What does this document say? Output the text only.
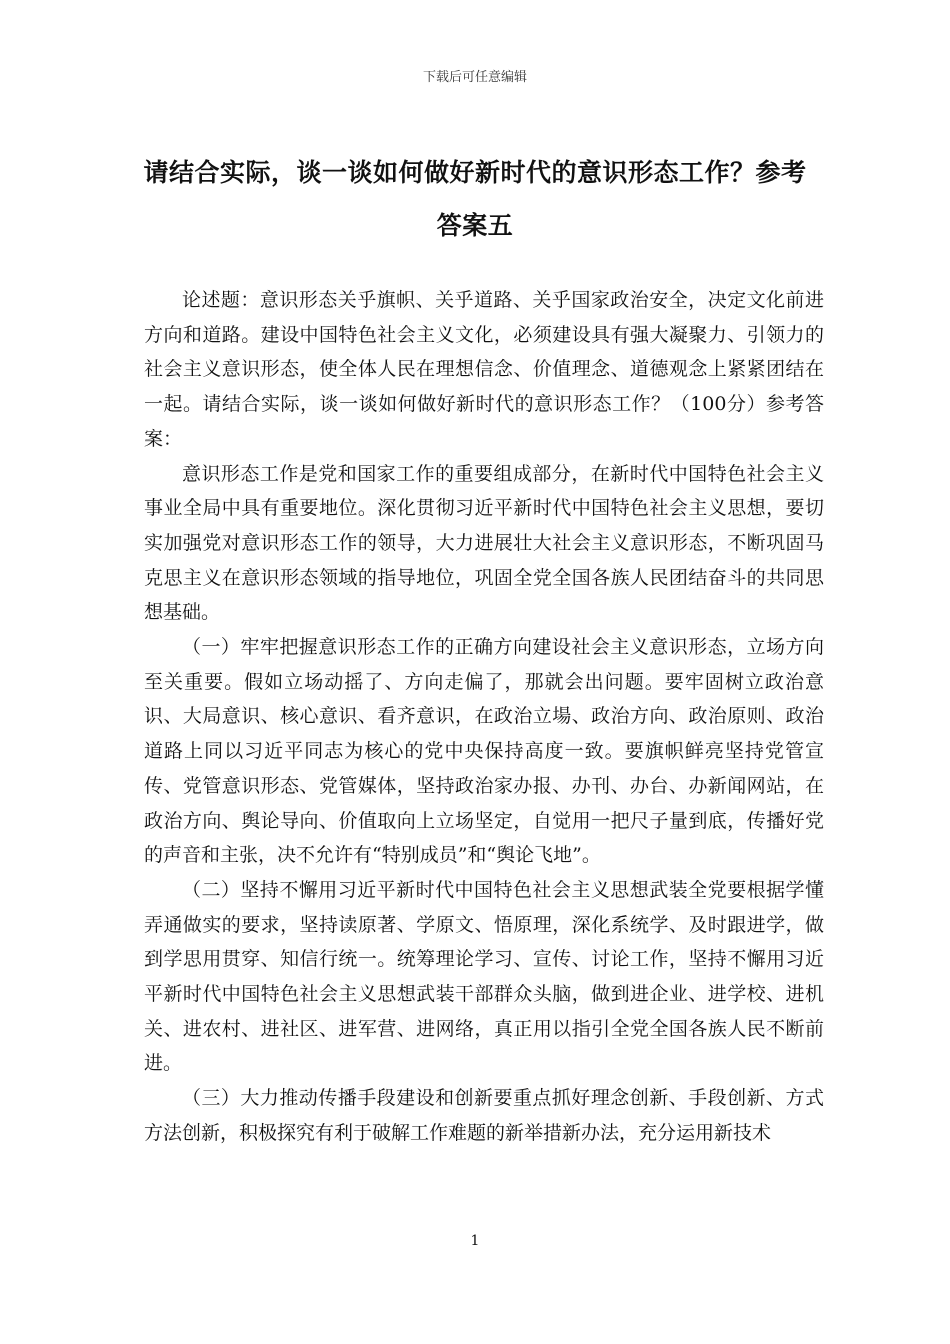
下载后可任意编辑
请结合实际，谈一谈如何做好新时代的意识形态工作？参考答案五

论述题：意识形态关乎旗帜、关乎道路、关乎国家政治安全，决定文化前进方向和道路。建设中国特色社会主义文化，必须建设具有强大凝聚力、引领力的社会主义意识形态，使全体人民在理想信念、价值理念、道德观念上紧紧团结在一起。请结合实际，谈一谈如何做好新时代的意识形态工作？（100分）参考答案：

意识形态工作是党和国家工作的重要组成部分，在新时代中国特色社会主义事业全局中具有重要地位。深化贯彻习近平新时代中国特色社会主义思想，要切实加强党对意识形态工作的领导，大力进展壮大社会主义意识形态，不断巩固马克思主义在意识形态领域的指导地位，巩固全党全国各族人民团结奋斗的共同思想基础。

（一）牢牢把握意识形态工作的正确方向建设社会主义意识形态，立场方向至关重要。假如立场动摇了、方向走偏了，那就会出问题。要牢固树立政治意识、大局意识、核心意识、看齐意识，在政治立場、政治方向、政治原则、政治道路上同以习近平同志为核心的党中央保持高度一致。要旗帜鲜亮坚持党管宣传、党管意识形态、党管媒体，坚持政治家办报、办刊、办台、办新闻网站，在政治方向、舆论导向、价值取向上立场坚定，自觉用一把尺子量到底，传播好党的声音和主张，决不允许有“特别成员”和“舆论飞地”。

（二）坚持不懈用习近平新时代中国特色社会主义思想武装全党要根据学懂弄通做实的要求，坚持读原著、学原文、悟原理，深化系统学、及时跟进学，做到学思用贯穿、知信行统一。统筹理论学习、宣传、讨论工作，坚持不懈用习近平新时代中国特色社会主义思想武装干部群众头脑，做到进企业、进学校、进机关、进农村、进社区、进军营、进网络，真正用以指引全党全国各族人民不断前进。

（三）大力推动传播手段建设和创新要重点抓好理念创新、手段创新、方式方法创新，积极探究有利于破解工作难题的新举措新办法，充分运用新技术

1
